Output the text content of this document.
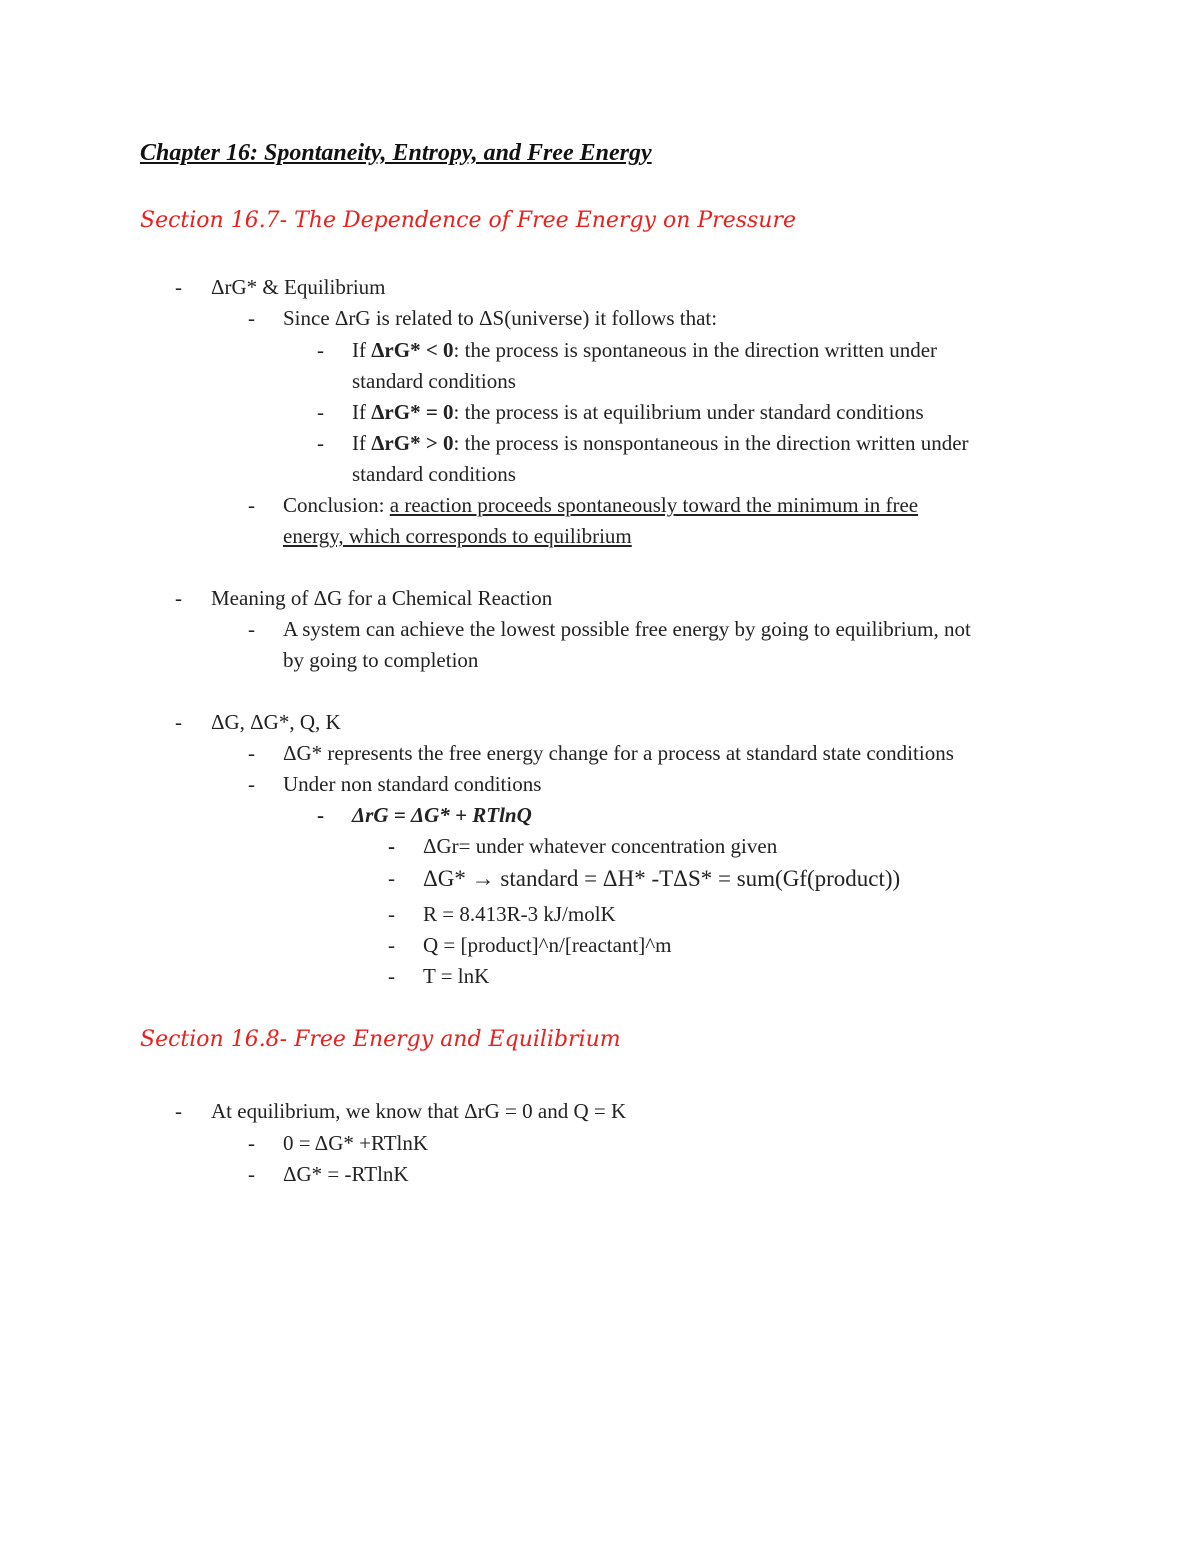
Chapter 16: Spontaneity, Entropy, and Free Energy
Section 16.7- The Dependence of Free Energy on Pressure
- ΔrG* & Equilibrium
- Since ΔrG is related to ΔS(universe) it follows that:
- If ΔrG* < 0: the process is spontaneous in the direction written under
standard conditions
- If ΔrG* = 0: the process is at equilibrium under standard conditions
- If ΔrG* > 0: the process is nonspontaneous in the direction written under
standard conditions
- Conclusion: a reaction proceeds spontaneously toward the minimum in free
energy, which corresponds to equilibrium
- Meaning of ΔG for a Chemical Reaction
- A system can achieve the lowest possible free energy by going to equilibrium, not
by going to completion
- ΔG, ΔG*, Q, K
- ΔG* represents the free energy change for a process at standard state conditions
- Under non standard conditions
- ΔrG = ΔG* + RTlnQ
- ΔGr= under whatever concentration given
- ΔG* → standard = ΔH* -TΔS* = sum(Gf(product))
- R = 8.413R-3 kJ/molK
- Q = [product]^n/[reactant]^m
- T = lnK
Section 16.8- Free Energy and Equilibrium
- At equilibrium, we know that ΔrG = 0 and Q = K
- 0 = ΔG* +RTlnK
- ΔG* = -RTlnK
